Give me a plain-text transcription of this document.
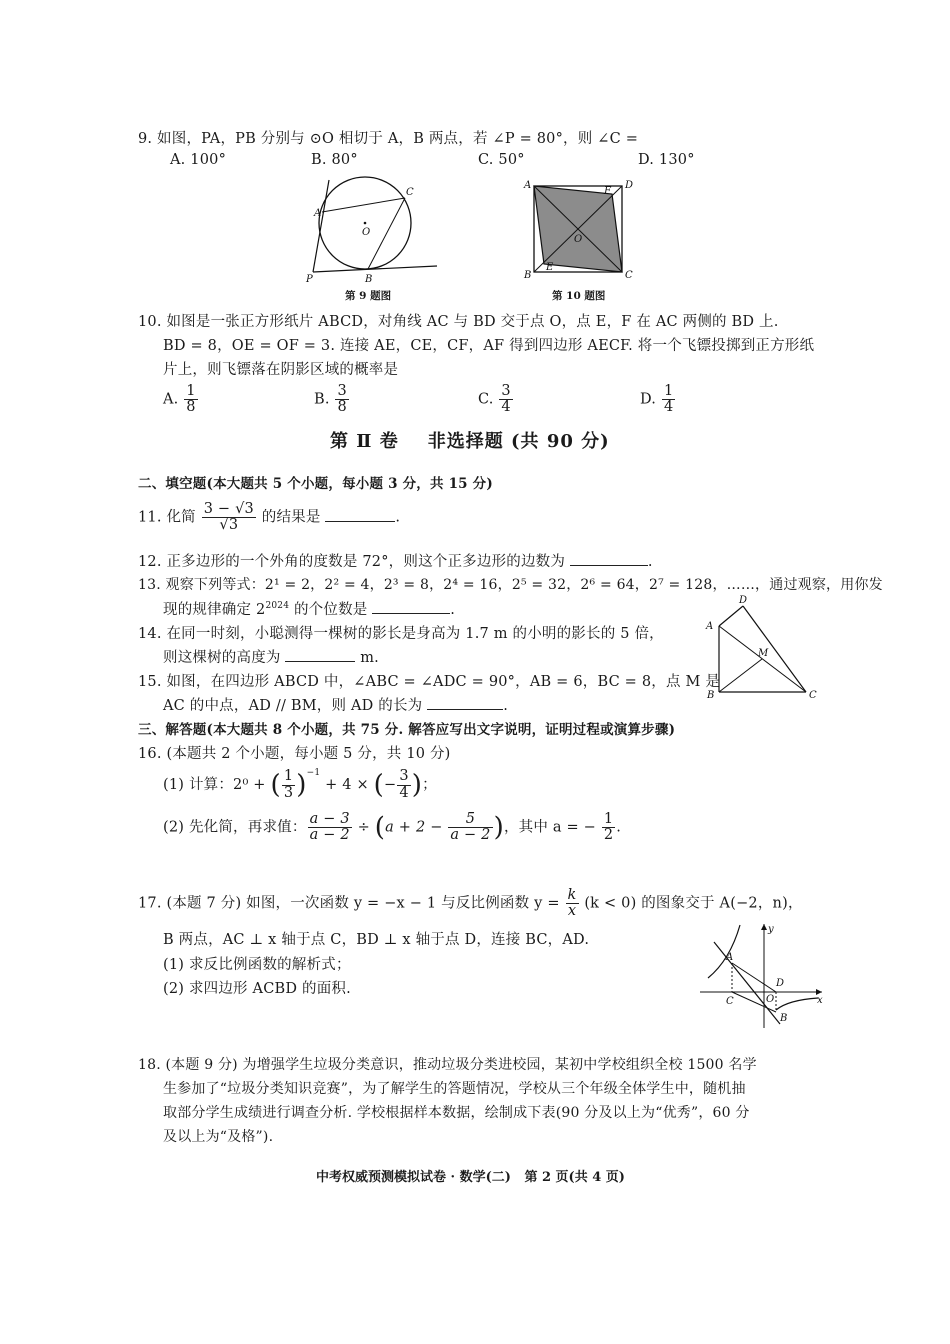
9. 如图，PA，PB 分别与 ⊙O 相切于 A，B 两点，若 ∠P = 80°，则 ∠C =
A. 100°	B. 80°	C. 50°	D. 130°
A
C
O
P	B
第 9 题图
A	D
F
O
E
B	C
第 10 题图
10. 如图是一张正方形纸片 ABCD，对角线 AC 与 BD 交于点 O，点 E，F 在 AC 两侧的 BD 上.
BD = 8，OE = OF = 3. 连接 AE，CE，CF，AF 得到四边形 AECF. 将一个飞镖投掷到正方形纸
片上，则飞镖落在阴影区域的概率是
A. $\frac{1}{8}$	B. $\frac{3}{8}$	C. $\frac{3}{4}$	D. $\frac{1}{4}$
第 Ⅱ 卷    非选择题 (共 90 分)
二、填空题(本大题共 5 个小题，每小题 3 分，共 15 分)
11. 化简 $\frac{3 - √3}{√3}$ 的结果是	.
12. 正多边形的一个外角的度数是 72°，则这个正多边形的边数为	.
13. 观察下列等式：2¹ = 2，2² = 4，2³ = 8，2⁴ = 16，2⁵ = 32，2⁶ = 64，2⁷ = 128，……，通过观察，用你发
现的规律确定 $2^{2024}$ 的个位数是	.
14. 在同一时刻，小聪测得一棵树的影长是身高为 1.7 m 的小明的影长的 5 倍，
则这棵树的高度为	m.
D
A
M
B	C
15. 如图，在四边形 ABCD 中，∠ABC = ∠ADC = 90°，AB = 6，BC = 8，点 M 是
AC 的中点，AD // BM，则 AD 的长为	.
三、解答题(本大题共 8 个小题，共 75 分. 解答应写出文字说明，证明过程或演算步骤)
16. (本题共 2 个小题，每小题 5 分，共 10 分)
(1) 计算：2⁰ + ( $\frac{1}{3} )^{-1} + 4$ × (− $\frac{3}{4}$ )；
(2) 先化简，再求值： $\frac{a - 3}{a - 2} \div (a + 2 - \frac{5}{a - 2}$ )，其中 a = − $\frac{1}{2}$ .
17. (本题 7 分) 如图，一次函数 y = −x − 1 与反比例函数 $y = \frac{k}{x} (k < 0)$ 的图象交于 A(−2，n)，
B 两点，AC ⊥ x 轴于点 C，BD ⊥ x 轴于点 D，连接 BC，AD.
(1) 求反比例函数的解析式；
(2) 求四边形 ACBD 的面积.
A
C	O
D
B
x
y
18. (本题 9 分) 为增强学生垃圾分类意识，推动垃圾分类进校园，某初中学校组织全校 1500 名学
生参加了“垃圾分类知识竞赛”，为了解学生的答题情况，学校从三个年级全体学生中，随机抽
取部分学生成绩进行调查分析. 学校根据样本数据，绘制成下表(90 分及以上为“优秀”，60 分
及以上为“及格”).
中考权威预测模拟试卷 · 数学(二)   第 2 页(共 4 页)
